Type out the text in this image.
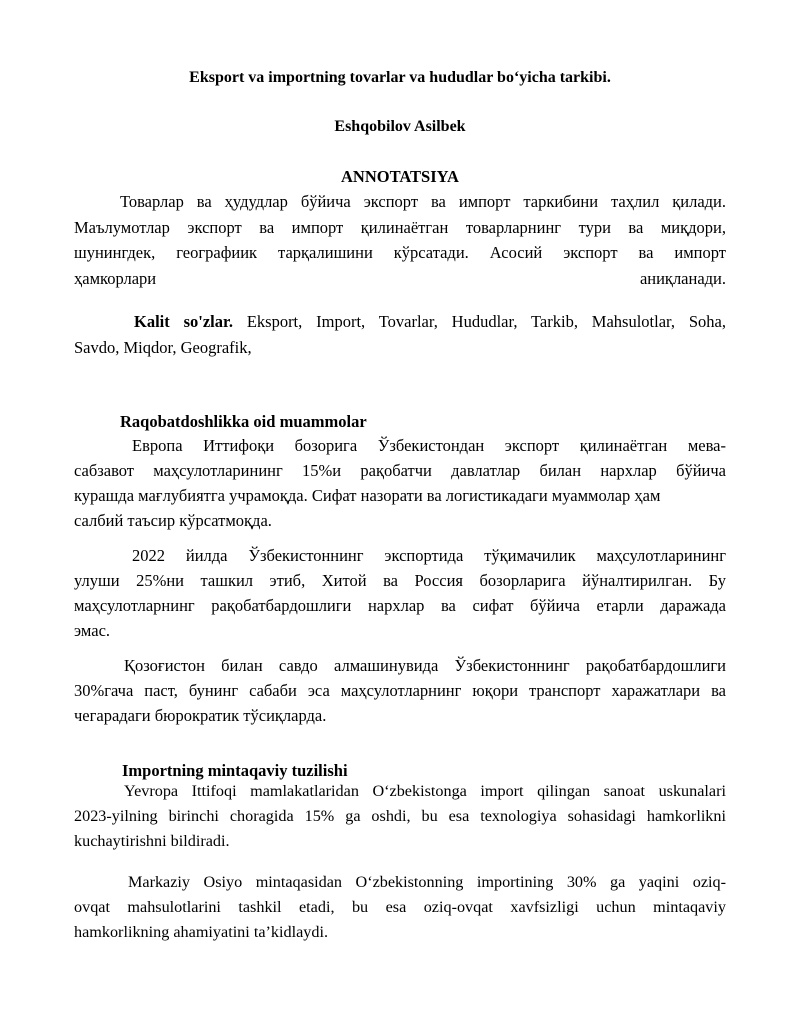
Eksport va importning tovarlar va hududlar bo‘yicha tarkibi.

Eshqobilov Asilbek

ANNOTATSIYA

Товарлар ва ҳудудлар бўйича экспорт ва импорт таркибини таҳлил қилади.

Маълумотлар экспорт ва импорт қилинаётган товарларнинг тури ва миқдори,

шунингдек, географиик тарқалишини кўрсатади. Асосий экспорт ва импорт

ҳамкорлари	аниқланади.

Kalit so'zlar. Eksport, Import, Tovarlar, Hududlar, Tarkib, Mahsulotlar, Soha,

Savdo, Miqdor, Geografik,

Raqobatdoshlikka oid muammolar

Европа Иттифоқи бозорига Ўзбекистондан экспорт қилинаётган мева-

сабзавот маҳсулотларининг 15%и рақобатчи давлатлар билан нархлар бўйича

курашда мағлубиятга учрамоқда. Сифат назорати ва логистикадаги муаммолар ҳам

салбий таъсир кўрсатмоқда.

2022 йилда Ўзбекистоннинг экспортида тўқимачилик маҳсулотларининг

улуши 25%ни ташкил этиб, Хитой ва Россия бозорларига йўналтирилган. Бу

маҳсулотларнинг рақобатбардошлиги нархлар ва сифат бўйича етарли даражада

эмас.

Қозоғистон билан савдо алмашинувида Ўзбекистоннинг рақобатбардошлиги

30%гача паст, бунинг сабаби эса маҳсулотларнинг юқори транспорт харажатлари ва

чегарадаги бюрократик тўсиқларда.

Importning mintaqaviy tuzilishi

Yevropa Ittifoqi mamlakatlaridan O‘zbekistonga import qilingan sanoat uskunalari

2023-yilning birinchi choragida 15% ga oshdi, bu esa texnologiya sohasidagi hamkorlikni

kuchaytirishni bildiradi.

Markaziy Osiyo mintaqasidan O‘zbekistonning importining 30% ga yaqini oziq-

ovqat mahsulotlarini tashkil etadi, bu esa oziq-ovqat xavfsizligi uchun mintaqaviy

hamkorlikning ahamiyatini ta’kidlaydi.
